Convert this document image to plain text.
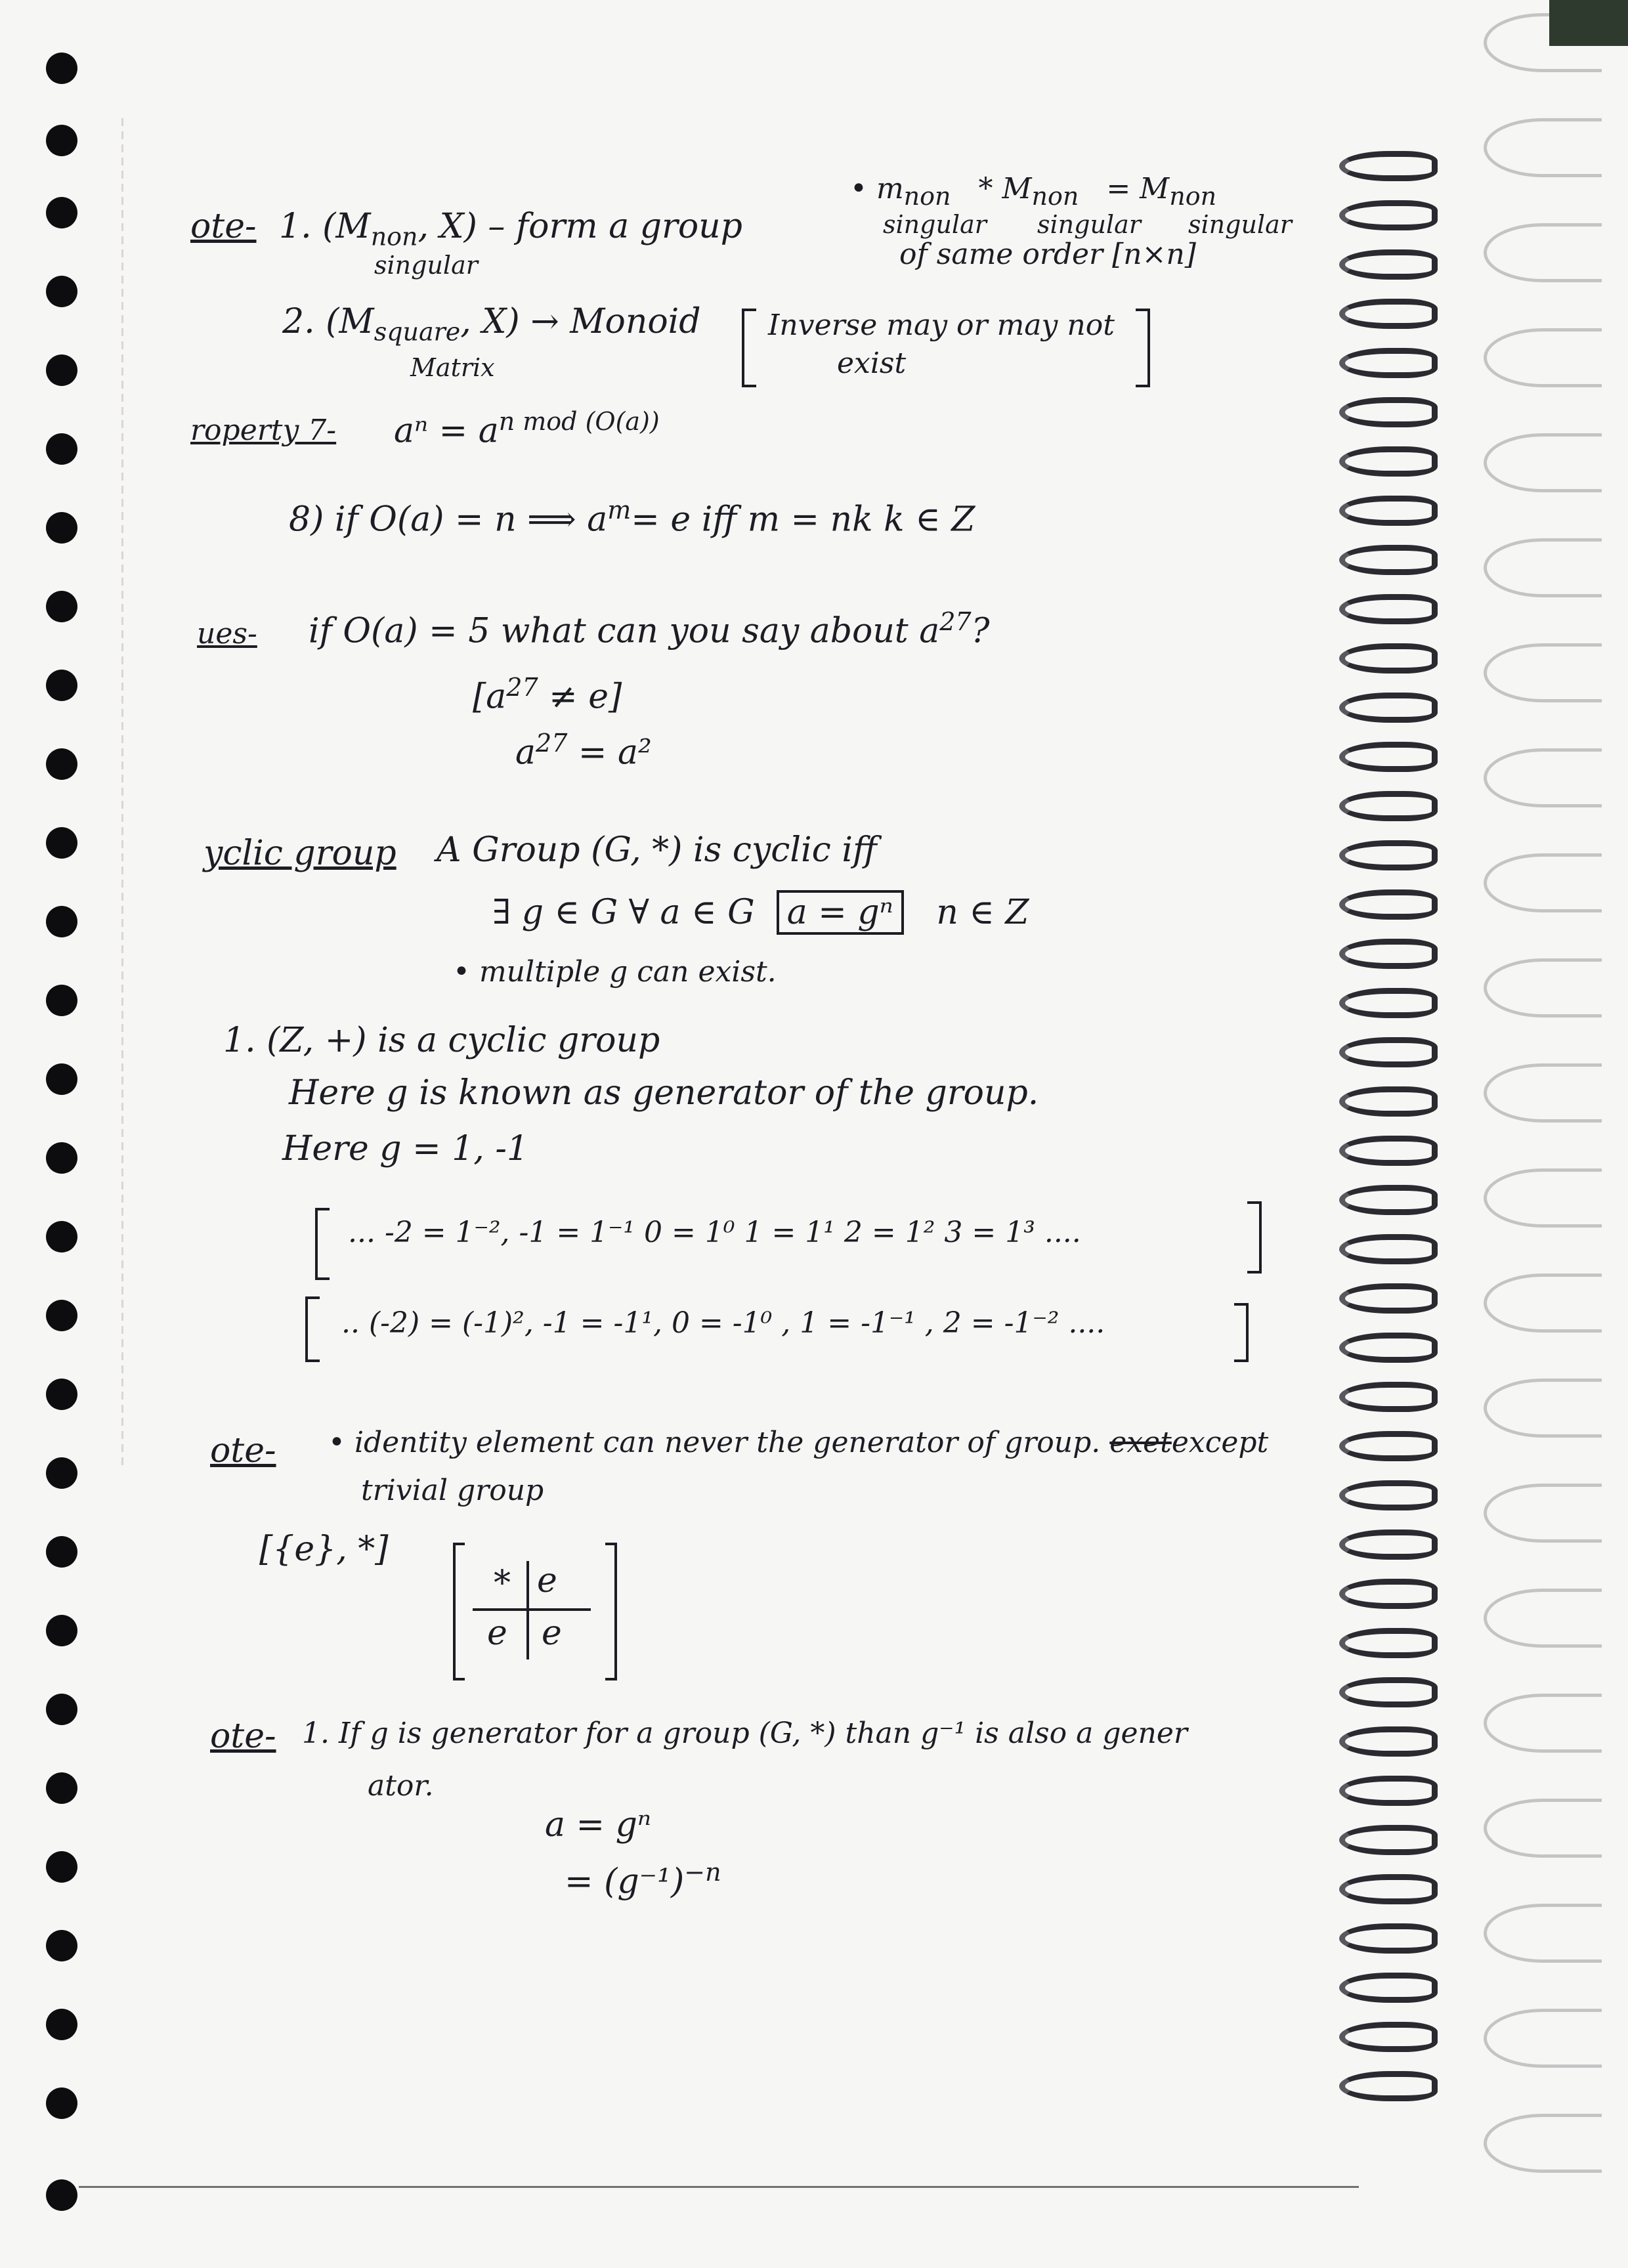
ote- 1. ($M_{non}$, X) – form a group
singular
• $m_{non} * M_{non} = M_{non}$
singular singular singular
of same order [n×n]
2. ($M_{square}$, X) → Monoid
Matrix
Inverse may or may not
exist
roperty 7- $a^n = a^{n mod (O(a))}$
8) if O(a) = n ⟹ $a^m= e$ iff m = nk k ∈ Z
ues- if O(a) = 5 what can you say about $a^{27}$?
$[a^{27} \ne e]$
$a^{27} = a^2$
yclic group A Group (G, *) is cyclic iff
∃ g ∈ G ∀ a ∈ G a = gⁿ n ∈ Z
• multiple g can exist.
1. (Z, +) is a cyclic group
Here g is known as generator of the group.
Here g = 1, -1
... -2 = 1⁻², -1 = 1⁻¹ 0 = 1⁰ 1 = 1¹ 2 = 1² 3 = 1³ ....
.. (-2) = (-1)², -1 = -1¹, 0 = -1⁰ , 1 = -1⁻¹ , 2 = -1⁻² ....
ote- • identity element can never the generator of group. exetexcept
trivial group
[{e}, *]
* e
e e
ote- 1. If g is generator for a group (G, *) than g⁻¹ is also a gener
ator.
a = gⁿ
= $(g^{-1})^{-n}$
